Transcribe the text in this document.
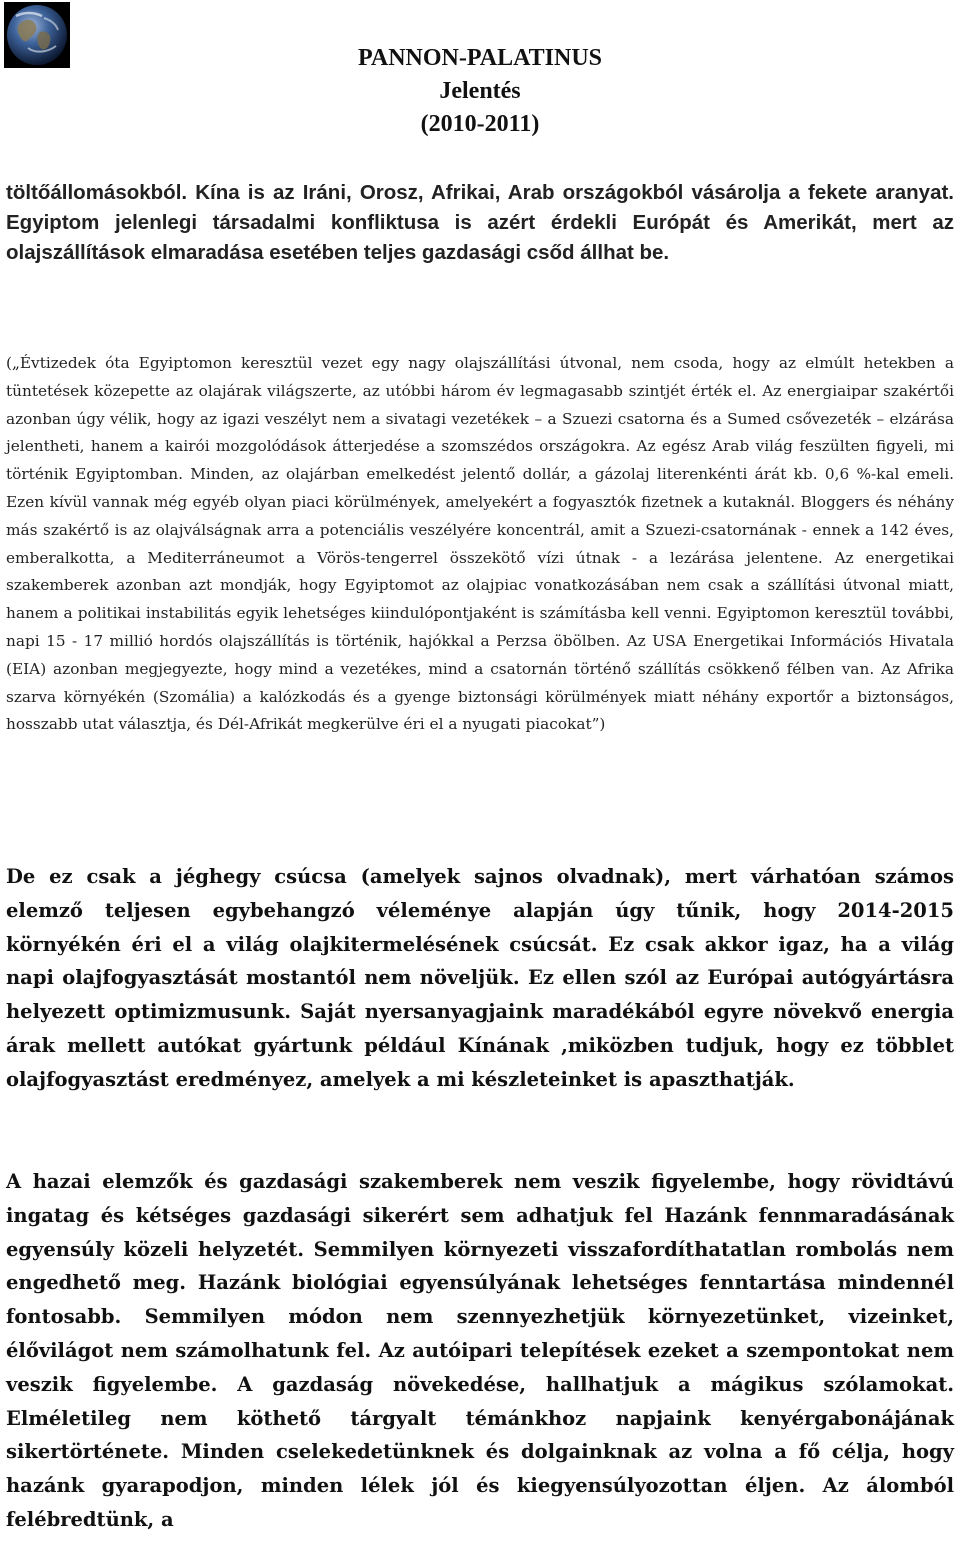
PANNON-PALATINUS
Jelentés
(2010-2011)

töltőállomásokból. Kína is az Iráni, Orosz, Afrikai, Arab országokból vásárolja a fekete aranyat. Egyiptom jelenlegi társadalmi konfliktusa is azért érdekli Európát és Amerikát, mert az olajszállítások elmaradása esetében teljes gazdasági csőd állhat be.

(„Évtizedek óta Egyiptomon keresztül vezet egy nagy olajszállítási útvonal, nem csoda, hogy az elmúlt hetekben a tüntetések közepette az olajárak világszerte, az utóbbi három év legmagasabb szintjét érték el. Az energiaipar szakértői azonban úgy vélik, hogy az igazi veszélyt nem a sivatagi vezetékek – a Szuezi csatorna és a Sumed csővezeték – elzárása jelentheti, hanem a kairói mozgolódások átterjedése a szomszédos országokra. Az egész Arab világ feszülten figyeli, mi történik Egyiptomban. Minden, az olajárban emelkedést jelentő dollár, a gázolaj literenkénti árát kb. 0,6 %-kal emeli. Ezen kívül vannak még egyéb olyan piaci körülmények, amelyekért a fogyasztók fizetnek a kutaknál. Bloggers és néhány más szakértő is az olajválságnak arra a potenciális veszélyére koncentrál, amit a Szuezi-csatornának - ennek a 142 éves, emberalkotta, a Mediterráneumot a Vörös-tengerrel összekötő vízi útnak - a lezárása jelentene. Az energetikai szakemberek azonban azt mondják, hogy Egyiptomot az olajpiac vonatkozásában nem csak a szállítási útvonal miatt, hanem a politikai instabilitás egyik lehetséges kiindulópontjaként is számításba kell venni. Egyiptomon keresztül további, napi 15 - 17 millió hordós olajszállítás is történik, hajókkal a Perzsa öbölben. Az USA Energetikai Információs Hivatala (EIA) azonban megjegyezte, hogy mind a vezetékes, mind a csatornán történő szállítás csökkenő félben van. Az Afrika szarva környékén (Szomália) a kalózkodás és a gyenge biztonsági körülmények miatt néhány exportőr a biztonságos, hosszabb utat választja, és Dél-Afrikát megkerülve éri el a nyugati piacokat”)

De ez csak a jéghegy csúcsa (amelyek sajnos olvadnak), mert várhatóan számos elemző teljesen egybehangzó véleménye alapján úgy tűnik, hogy 2014-2015 környékén éri el a világ olajkitermelésének csúcsát. Ez csak akkor igaz, ha a világ napi olajfogyasztását mostantól nem növeljük. Ez ellen szól az Európai autógyártásra helyezett optimizmusunk. Saját nyersanyagjaink maradékából egyre növekvő energia árak mellett autókat gyártunk például Kínának ,miközben tudjuk, hogy ez többlet olajfogyasztást eredményez, amelyek a mi készleteinket is apaszthatják.

A hazai elemzők és gazdasági szakemberek nem veszik figyelembe, hogy rövidtávú ingatag és kétséges gazdasági sikerért sem adhatjuk fel Hazánk fennmaradásának egyensúly közeli helyzetét. Semmilyen környezeti visszafordíthatatlan rombolás nem engedhető meg. Hazánk biológiai egyensúlyának lehetséges fenntartása mindennél fontosabb. Semmilyen módon nem szennyezhetjük környezetünket, vizeinket, élővilágot nem számolhatunk fel. Az autóipari telepítések ezeket a szempontokat nem veszik figyelembe. A gazdaság növekedése, hallhatjuk a mágikus szólamokat. Elméletileg nem köthető tárgyalt témánkhoz napjaink kenyérgabonájának sikertörténete. Minden cselekedetünknek és dolgainknak az volna a fő célja, hogy hazánk gyarapodjon, minden lélek jól és kiegyensúlyozottan éljen. Az álomból felébredtünk, a
